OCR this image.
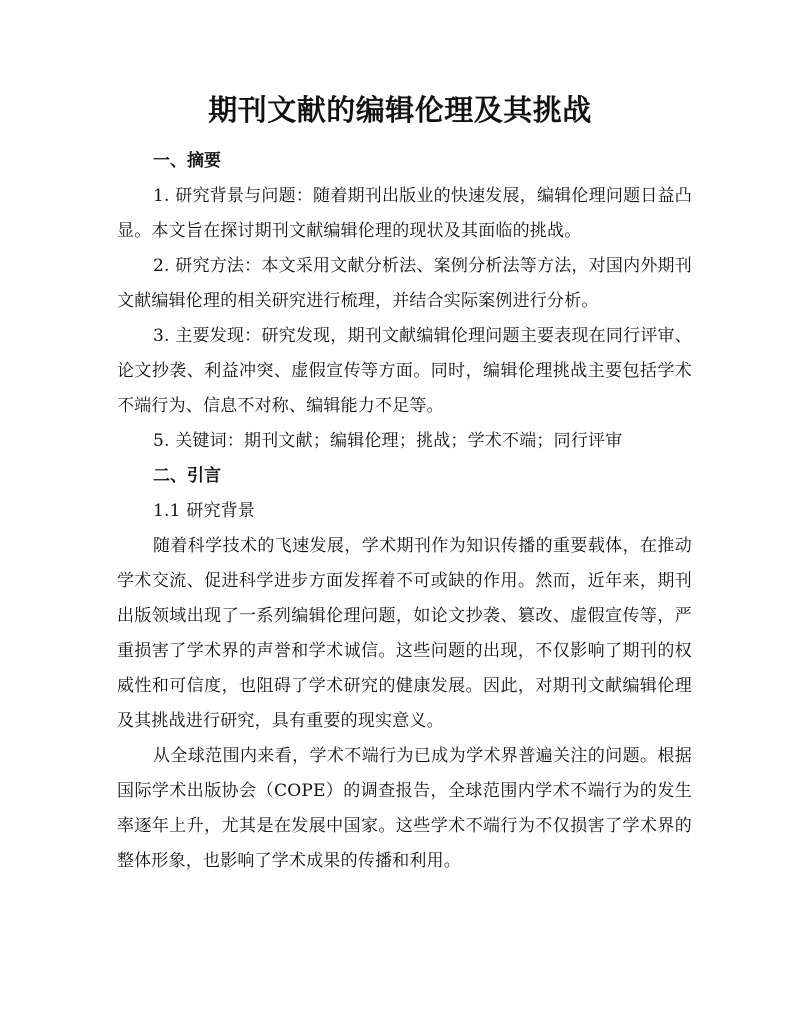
期刊文献的编辑伦理及其挑战
一、摘要

1. 研究背景与问题：随着期刊出版业的快速发展，编辑伦理问题日益凸显。本文旨在探讨期刊文献编辑伦理的现状及其面临的挑战。

2. 研究方法：本文采用文献分析法、案例分析法等方法，对国内外期刊文献编辑伦理的相关研究进行梳理，并结合实际案例进行分析。

3. 主要发现：研究发现，期刊文献编辑伦理问题主要表现在同行评审、论文抄袭、利益冲突、虚假宣传等方面。同时，编辑伦理挑战主要包括学术不端行为、信息不对称、编辑能力不足等。

5. 关键词：期刊文献；编辑伦理；挑战；学术不端；同行评审

二、引言

1.1 研究背景

随着科学技术的飞速发展，学术期刊作为知识传播的重要载体，在推动学术交流、促进科学进步方面发挥着不可或缺的作用。然而，近年来，期刊出版领域出现了一系列编辑伦理问题，如论文抄袭、篡改、虚假宣传等，严重损害了学术界的声誉和学术诚信。这些问题的出现，不仅影响了期刊的权威性和可信度，也阻碍了学术研究的健康发展。因此，对期刊文献编辑伦理及其挑战进行研究，具有重要的现实意义。

从全球范围内来看，学术不端行为已成为学术界普遍关注的问题。根据国际学术出版协会（COPE）的调查报告，全球范围内学术不端行为的发生率逐年上升，尤其是在发展中国家。这些学术不端行为不仅损害了学术界的整体形象，也影响了学术成果的传播和利用。
